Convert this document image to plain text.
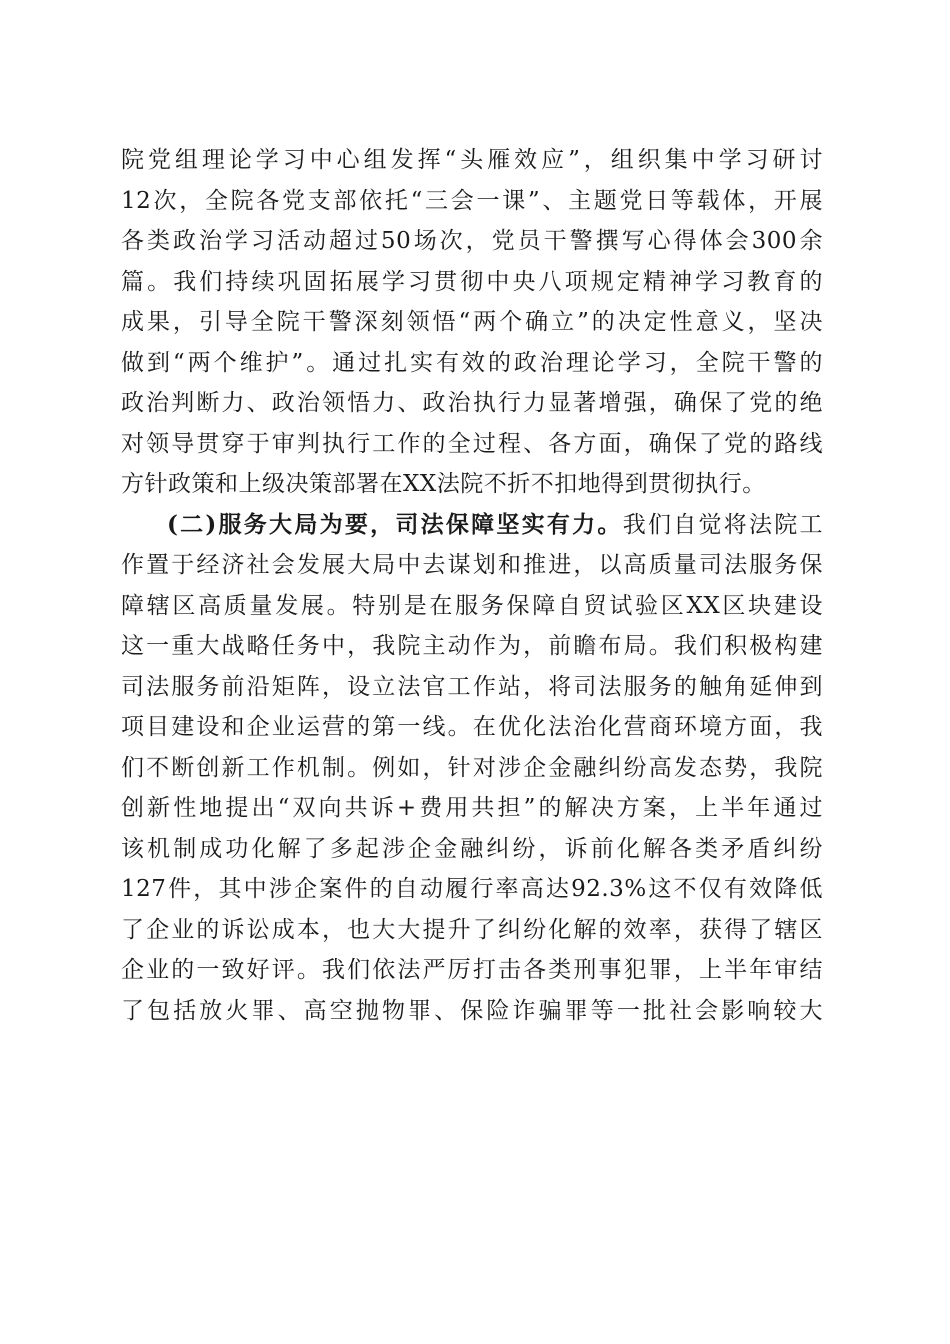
院党组理论学习中心组发挥“头雁效应”，组织集中学习研讨
12次，全院各党支部依托“三会一课”、主题党日等载体，开展
各类政治学习活动超过50场次，党员干警撰写心得体会300余
篇。我们持续巩固拓展学习贯彻中央八项规定精神学习教育的
成果，引导全院干警深刻领悟“两个确立”的决定性意义，坚决
做到“两个维护”。通过扎实有效的政治理论学习，全院干警的
政治判断力、政治领悟力、政治执行力显著增强，确保了党的绝
对领导贯穿于审判执行工作的全过程、各方面，确保了党的路线
方针政策和上级决策部署在XX法院不折不扣地得到贯彻执行。
(二)服务大局为要，司法保障坚实有力。我们自觉将法院工
作置于经济社会发展大局中去谋划和推进，以高质量司法服务保
障辖区高质量发展。特别是在服务保障自贸试验区XX区块建设
这一重大战略任务中，我院主动作为，前瞻布局。我们积极构建
司法服务前沿矩阵，设立法官工作站，将司法服务的触角延伸到
项目建设和企业运营的第一线。在优化法治化营商环境方面，我
们不断创新工作机制。例如，针对涉企金融纠纷高发态势，我院
创新性地提出“双向共诉+费用共担”的解决方案，上半年通过
该机制成功化解了多起涉企金融纠纷，诉前化解各类矛盾纠纷
127件，其中涉企案件的自动履行率高达92.3%这不仅有效降低
了企业的诉讼成本，也大大提升了纠纷化解的效率，获得了辖区
企业的一致好评。我们依法严厉打击各类刑事犯罪，上半年审结
了包括放火罪、高空抛物罪、保险诈骗罪等一批社会影响较大
